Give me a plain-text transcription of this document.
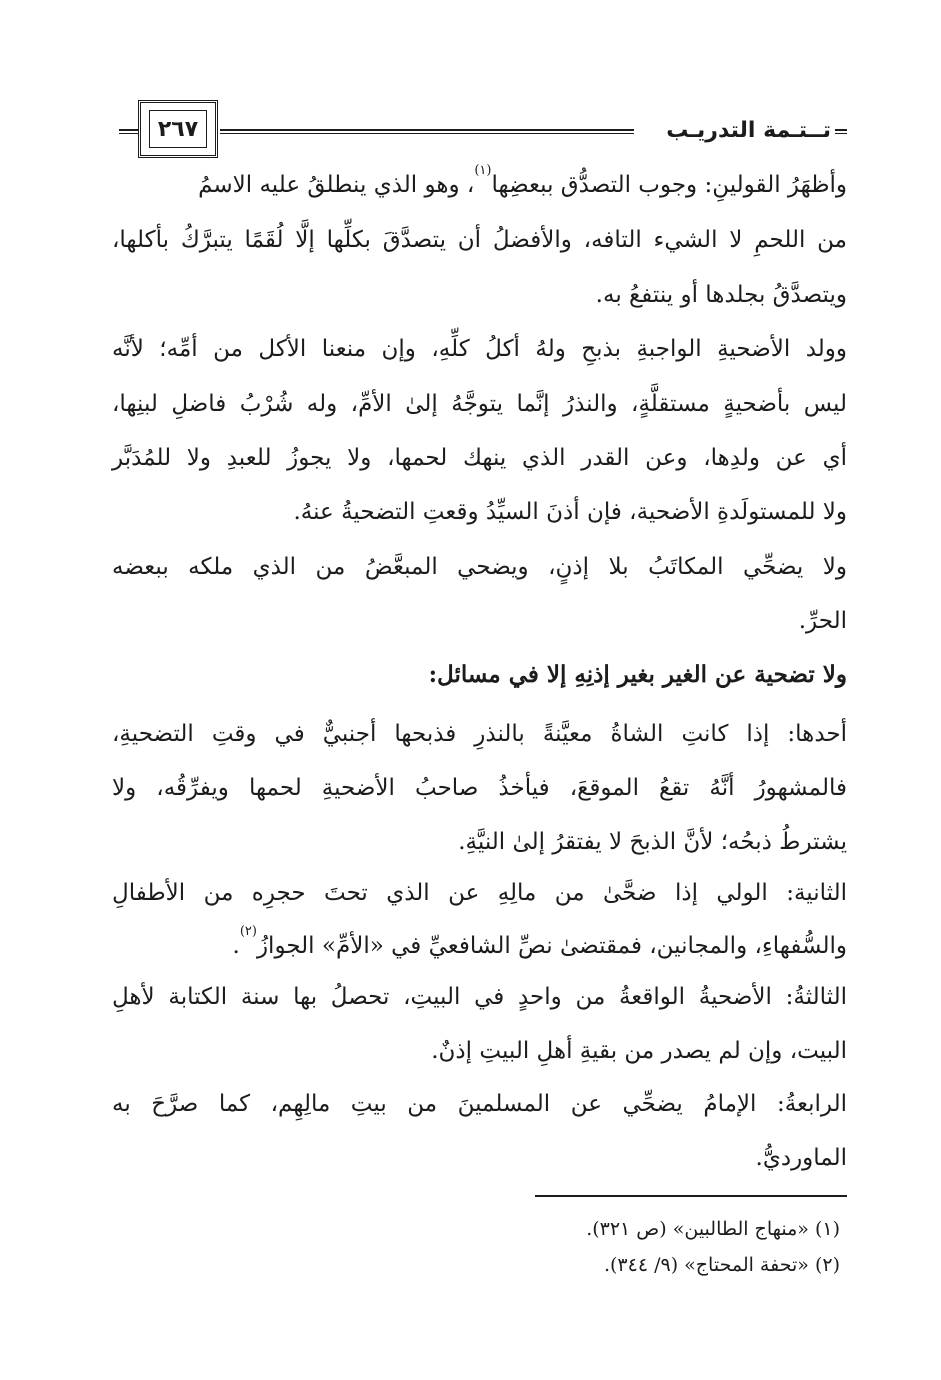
٢٦٧	تــتـمة التدريـب
وأظهَرُ القولينِ: وجوب التصدُّق ببعضِها$^{(١)}$، وهو الذي ينطلقُ عليه الاسمُ
من اللحمِ لا الشيء التافه، والأفضلُ أن يتصدَّقَ بكلِّها إلَّا لُقَمًا يتبرَّكُ بأكلها،
ويتصدَّقُ بجلدها أو ينتفعُ به.
وولد الأضحيةِ الواجبةِ بذبحِ ولهُ أكلُ كلِّهِ، وإن منعنا الأكل من أمِّه؛ لأنَّه
ليس بأضحيةٍ مستقلَّةٍ، والنذرُ إنَّما يتوجَّهُ إلىٰ الأمِّ، وله شُرْبُ فاضلِ لبنِها،
أي عن ولدِها، وعن القدر الذي ينهك لحمها، ولا يجوزُ للعبدِ ولا للمُدَبَّر
ولا للمستولَدةِ الأضحية، فإن أذنَ السيِّدُ وقعتِ التضحيةُ عنهُ.
ولا يضحِّي المكاتَبُ بلا إذنٍ، ويضحي المبعَّضُ من الذي ملكه ببعضه
الحرِّ.
ولا تضحية عن الغير بغير إذنِهِ إلا في مسائل:
أحدها: إذا كانتِ الشاةُ معيَّنةً بالنذرِ فذبحها أجنبيٌّ في وقتِ التضحيةِ،
فالمشهورُ أنَّهُ تقعُ الموقعَ، فيأخذُ صاحبُ الأضحيةِ لحمها ويفرِّقُه، ولا
يشترطُ ذبحُه؛ لأنَّ الذبحَ لا يفتقرُ إلىٰ النيَّةِ.
الثانية: الولي إذا ضحَّىٰ من مالِهِ عن الذي تحتَ حجرِه من الأطفالِ
والسُّفهاءِ، والمجانين، فمقتضىٰ نصِّ الشافعيِّ في «الأمِّ» الجوازُ$^{(٢)}$.
الثالثةُ: الأضحيةُ الواقعةُ من واحدٍ في البيتِ، تحصلُ بها سنة الكتابة لأهلِ
البيت، وإن لم يصدر من بقيةِ أهلِ البيتِ إذنٌ.
الرابعةُ: الإمامُ يضحِّي عن المسلمينَ من بيتِ مالِهِم، كما صرَّحَ به
الماورديُّ.
(١) «منهاج الطالبين» (ص ٣٢١).
(٢) «تحفة المحتاج» (٩/ ٣٤٤).
